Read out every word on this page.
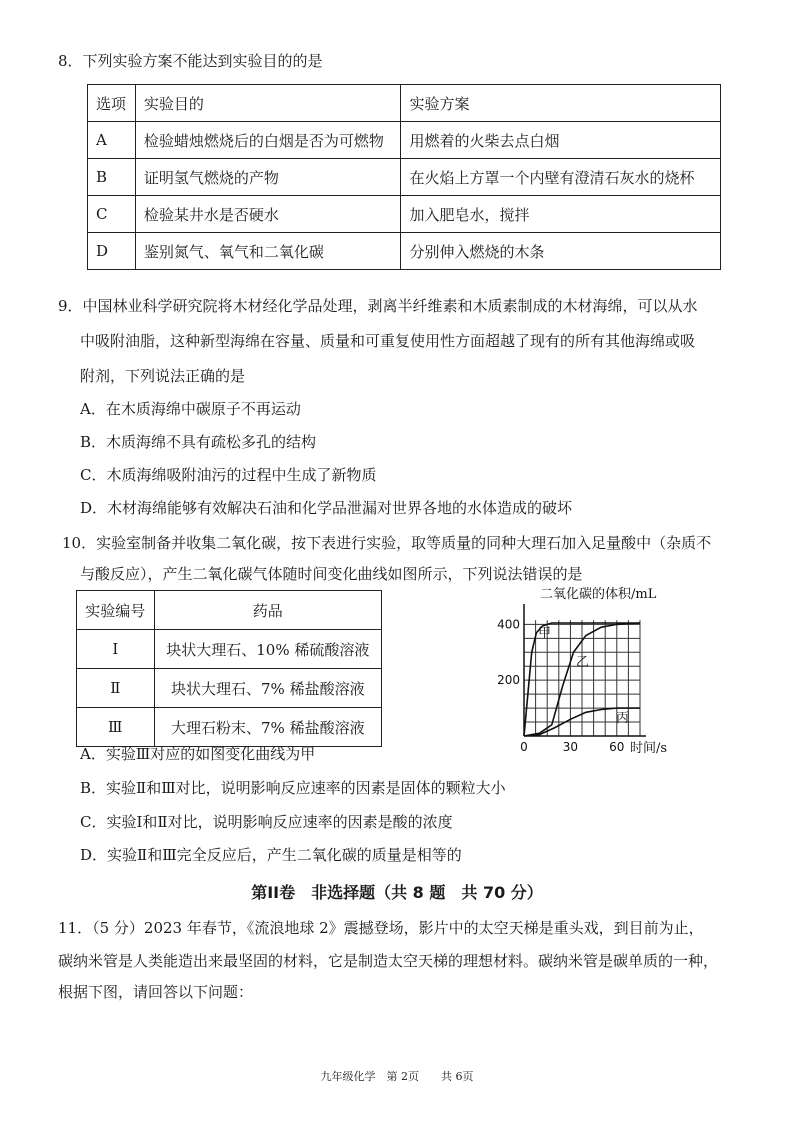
8．下列实验方案不能达到实验目的的是
选项	实验目的	实验方案
A	检验蜡烛燃烧后的白烟是否为可燃物	用燃着的火柴去点白烟
B	证明氢气燃烧的产物	在火焰上方罩一个内壁有澄清石灰水的烧杯
C	检验某井水是否硬水	加入肥皂水，搅拌
D	鉴别氮气、氧气和二氧化碳	分别伸入燃烧的木条
9．中国林业科学研究院将木材经化学品处理，剥离半纤维素和木质素制成的木材海绵，可以从水
中吸附油脂，这种新型海绵在容量、质量和可重复使用性方面超越了现有的所有其他海绵或吸
附剂，下列说法正确的是
A．在木质海绵中碳原子不再运动
B．木质海绵不具有疏松多孔的结构
C．木质海绵吸附油污的过程中生成了新物质
D．木材海绵能够有效解决石油和化学品泄漏对世界各地的水体造成的破坏
10．实验室制备并收集二氧化碳，按下表进行实验，取等质量的同种大理石加入足量酸中（杂质不
与酸反应），产生二氧化碳气体随时间变化曲线如图所示，下列说法错误的是
实验编号	药品
Ⅰ	块状大理石、10% 稀硫酸溶液
Ⅱ	块状大理石、7% 稀盐酸溶液
Ⅲ	大理石粉末、7% 稀盐酸溶液
甲
乙
丙
0	30	60
200
400
二氧化碳的体积/mL
时间/s
A．实验Ⅲ对应的如图变化曲线为甲
B．实验Ⅱ和Ⅲ对比，说明影响反应速率的因素是固体的颗粒大小
C．实验Ⅰ和Ⅱ对比，说明影响反应速率的因素是酸的浓度
D．实验Ⅱ和Ⅲ完全反应后，产生二氧化碳的质量是相等的
第II卷　非选择题（共 8 题　共 70 分）
11．（5 分）2023 年春节，《流浪地球 2》震撼登场，影片中的太空天梯是重头戏，到目前为止，
碳纳米管是人类能造出来最坚固的材料，它是制造太空天梯的理想材料。碳纳米管是碳单质的一种，
根据下图，请回答以下问题：
九年级化学　第 2页　　共 6页
